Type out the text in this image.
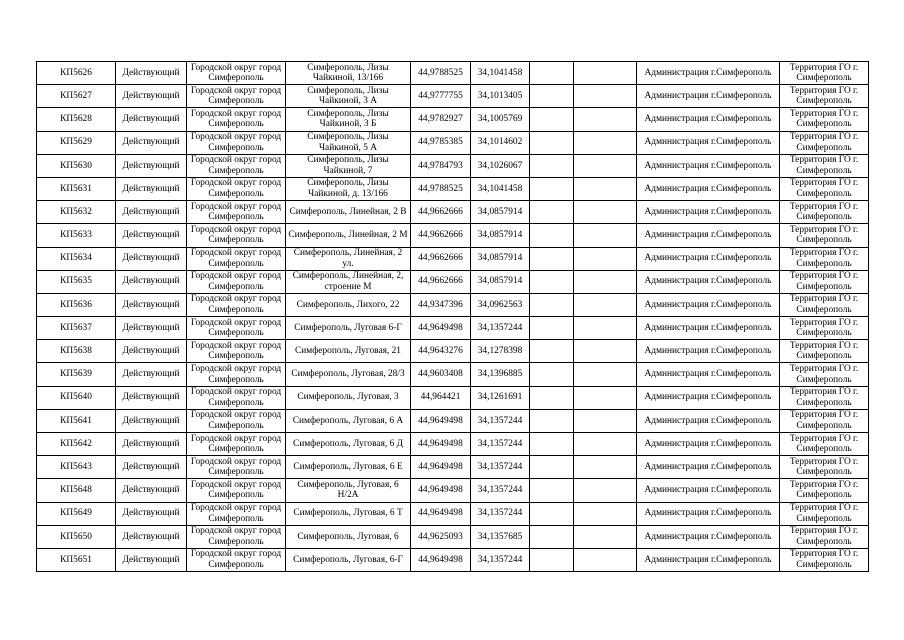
КП5626	Действующий	Городской округ город Симферополь	Симферополь, Лизы Чайкиной, 13/166	44,9788525	34,1041458			Администрация г.Симферополь	Территория ГО г. Симферополь
КП5627	Действующий	Городской округ город Симферополь	Симферополь, Лизы Чайкиной, 3 А	44,9777755	34,1013405			Администрация г.Симферополь	Территория ГО г. Симферополь
КП5628	Действующий	Городской округ город Симферополь	Симферополь, Лизы Чайкиной, 3 Б	44,9782927	34,1005769			Администрация г.Симферополь	Территория ГО г. Симферополь
КП5629	Действующий	Городской округ город Симферополь	Симферополь, Лизы Чайкиной, 5 А	44,9785385	34,1014602			Администрация г.Симферополь	Территория ГО г. Симферополь
КП5630	Действующий	Городской округ город Симферополь	Симферополь, Лизы Чайкиной, 7	44,9784793	34,1026067			Администрация г.Симферополь	Территория ГО г. Симферополь
КП5631	Действующий	Городской округ город Симферополь	Симферополь, Лизы Чайкиной, д. 13/166	44,9788525	34,1041458			Администрация г.Симферополь	Территория ГО г. Симферополь
КП5632	Действующий	Городской округ город Симферополь	Симферополь, Линейная, 2 В	44,9662666	34,0857914			Администрация г.Симферополь	Территория ГО г. Симферополь
КП5633	Действующий	Городской округ город Симферополь	Симферополь, Линейная, 2 М	44,9662666	34,0857914			Администрация г.Симферополь	Территория ГО г. Симферополь
КП5634	Действующий	Городской округ город Симферополь	Симферополь, Линейная, 2 ул.	44,9662666	34,0857914			Администрация г.Симферополь	Территория ГО г. Симферополь
КП5635	Действующий	Городской округ город Симферополь	Симферополь, Линейная, 2, строение М	44,9662666	34,0857914			Администрация г.Симферополь	Территория ГО г. Симферополь
КП5636	Действующий	Городской округ город Симферополь	Симферополь, Лихого, 22	44,9347396	34,0962563			Администрация г.Симферополь	Территория ГО г. Симферополь
КП5637	Действующий	Городской округ город Симферополь	Симферополь, Луговая 6-Г	44,9649498	34,1357244			Администрация г.Симферополь	Территория ГО г. Симферополь
КП5638	Действующий	Городской округ город Симферополь	Симферополь, Луговая, 21	44,9643276	34,1278398			Администрация г.Симферополь	Территория ГО г. Симферополь
КП5639	Действующий	Городской округ город Симферополь	Симферополь, Луговая, 28/3	44,9603408	34,1396885			Администрация г.Симферополь	Территория ГО г. Симферополь
КП5640	Действующий	Городской округ город Симферополь	Симферополь, Луговая, 3	44,964421	34,1261691			Администрация г.Симферополь	Территория ГО г. Симферополь
КП5641	Действующий	Городской округ город Симферополь	Симферополь, Луговая, 6 А	44,9649498	34,1357244			Администрация г.Симферополь	Территория ГО г. Симферополь
КП5642	Действующий	Городской округ город Симферополь	Симферополь, Луговая, 6 Д	44,9649498	34,1357244			Администрация г.Симферополь	Территория ГО г. Симферополь
КП5643	Действующий	Городской округ город Симферополь	Симферополь, Луговая, 6 Е	44,9649498	34,1357244			Администрация г.Симферополь	Территория ГО г. Симферополь
КП5648	Действующий	Городской округ город Симферополь	Симферополь, Луговая, 6 Н/2А	44,9649498	34,1357244			Администрация г.Симферополь	Территория ГО г. Симферополь
КП5649	Действующий	Городской округ город Симферополь	Симферополь, Луговая, 6 Т	44,9649498	34,1357244			Администрация г.Симферополь	Территория ГО г. Симферополь
КП5650	Действующий	Городской округ город Симферополь	Симферополь, Луговая, 6	44,9625093	34,1357685			Администрация г.Симферополь	Территория ГО г. Симферополь
КП5651	Действующий	Городской округ город Симферополь	Симферополь, Луговая, 6-Г	44,9649498	34,1357244			Администрация г.Симферополь	Территория ГО г. Симферополь
